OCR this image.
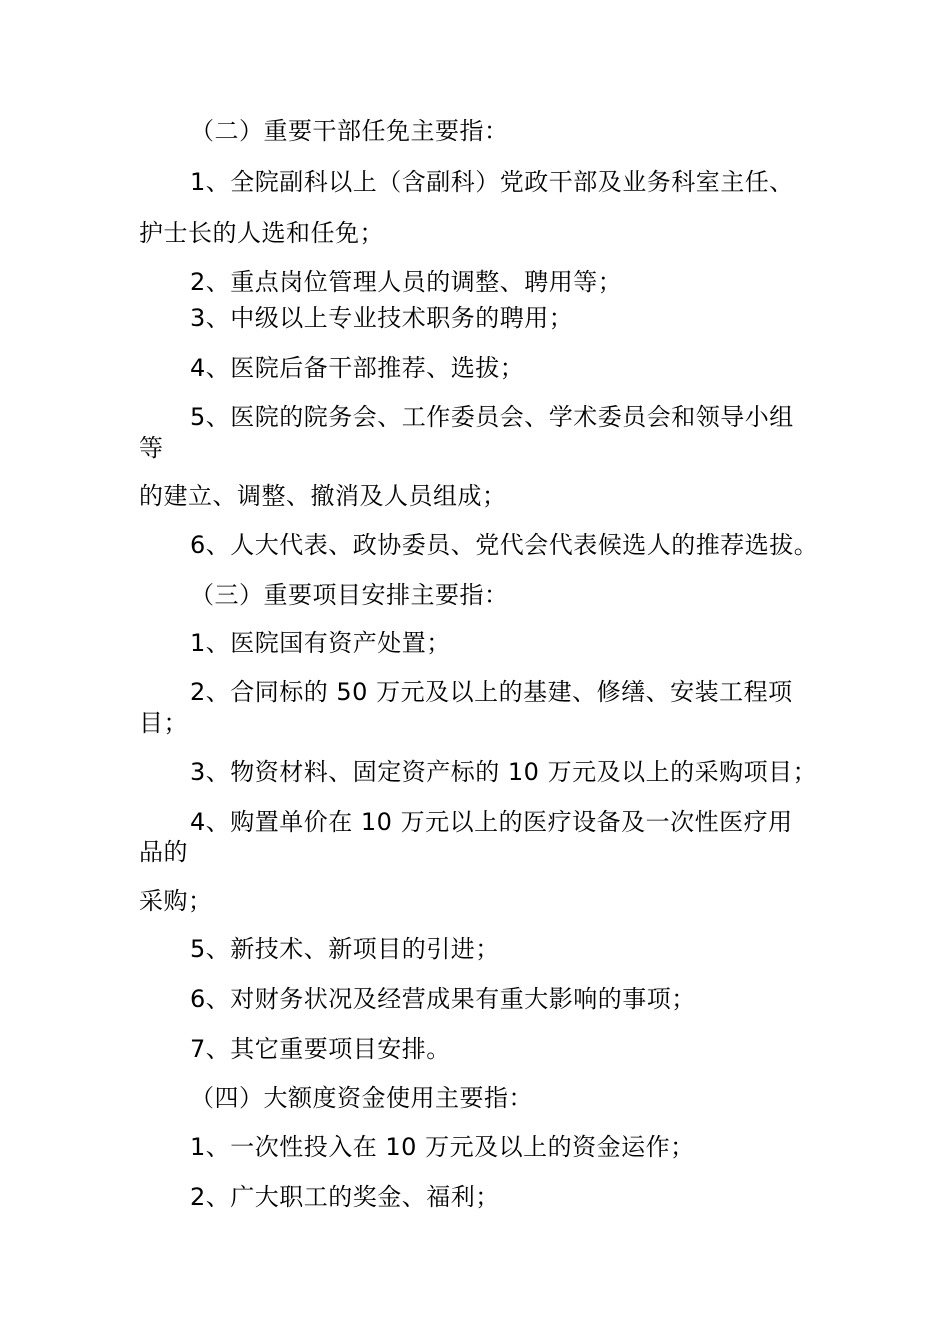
（二）重要干部任免主要指：
1、全院副科以上（含副科）党政干部及业务科室主任、
护士长的人选和任免；
2、重点岗位管理人员的调整、聘用等；
3、中级以上专业技术职务的聘用；
4、医院后备干部推荐、选拔；
5、医院的院务会、工作委员会、学术委员会和领导小组
等
的建立、调整、撤消及人员组成；
6、人大代表、政协委员、党代会代表候选人的推荐选拔。
（三）重要项目安排主要指：
1、医院国有资产处置；
2、合同标的 50 万元及以上的基建、修缮、安装工程项
目；
3、物资材料、固定资产标的 10 万元及以上的采购项目；
4、购置单价在 10 万元以上的医疗设备及一次性医疗用
品的
采购；
5、新技术、新项目的引进；
6、对财务状况及经营成果有重大影响的事项；
7、其它重要项目安排。
（四）大额度资金使用主要指：
1、一次性投入在 10 万元及以上的资金运作；
2、广大职工的奖金、福利；
